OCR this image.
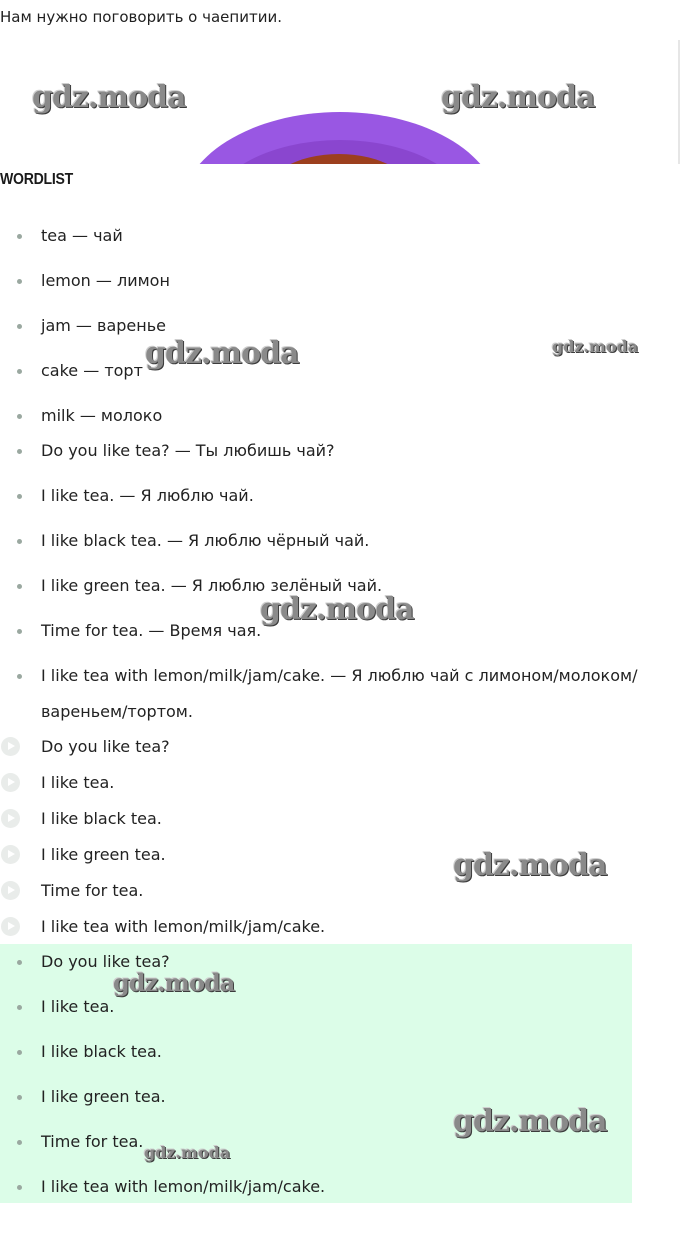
Нам нужно поговорить о чаепитии.
WORDLIST
tea — чай
lemon — лимон
jam — варенье
cake — торт
milk — молоко
Do you like tea? — Ты любишь чай?
I like tea. — Я люблю чай.
I like black tea. — Я люблю чёрный чай.
I like green tea. — Я люблю зелёный чай.
Time for tea. — Время чая.
I like tea with lemon/milk/jam/cake. — Я люблю чай с лимоном/молоком/вареньем/тортом.
Do you like tea?
I like tea.
I like black tea.
I like green tea.
Time for tea.
I like tea with lemon/milk/jam/cake.
Do you like tea?
I like tea.
I like black tea.
I like green tea.
Time for tea.
I like tea with lemon/milk/jam/cake.
gdz.moda	gdz.moda
gdz.moda	gdz.moda
gdz.moda
gdz.moda
gdz.moda
gdz.moda
gdz.moda
